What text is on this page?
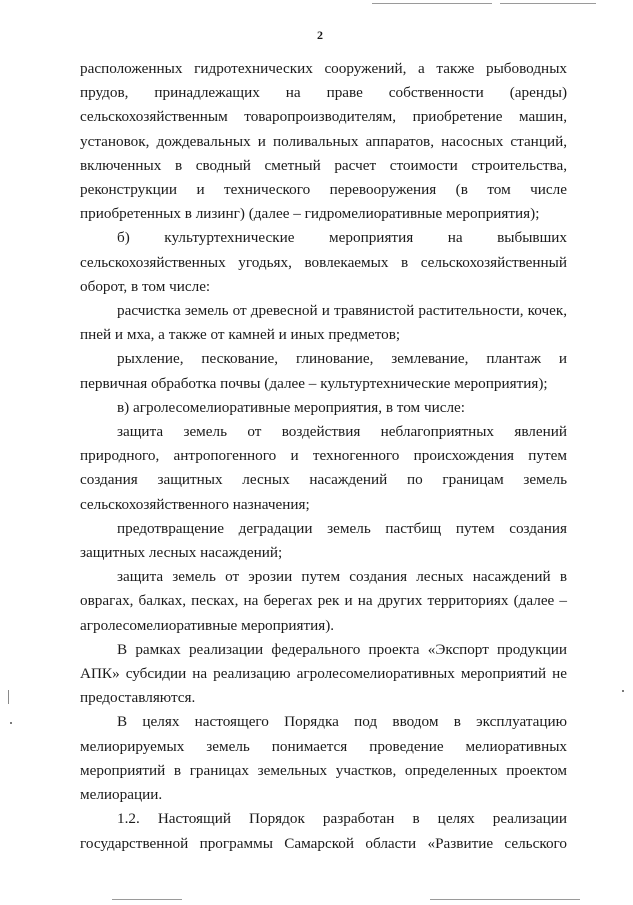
2

расположенных гидротехнических сооружений, а также рыбоводных прудов, принадлежащих на праве собственности (аренды) сельскохозяйственным товаропроизводителям, приобретение машин, установок, дождевальных и поливальных аппаратов, насосных станций, включенных в сводный сметный расчет стоимости строительства, реконструкции и технического перевооружения (в том числе приобретенных в лизинг) (далее – гидромелиоративные мероприятия);

б) культуртехнические мероприятия на выбывших сельскохозяйственных угодьях, вовлекаемых в сельскохозяйственный оборот, в том числе:

расчистка земель от древесной и травянистой растительности, кочек, пней и мха, а также от камней и иных предметов;

рыхление, пескование, глинование, землевание, плантаж и первичная обработка почвы (далее – культуртехнические мероприятия);

в) агролесомелиоративные мероприятия, в том числе:

защита земель от воздействия неблагоприятных явлений природного, антропогенного и техногенного происхождения путем создания защитных лесных насаждений по границам земель сельскохозяйственного назначения;

предотвращение деградации земель пастбищ путем создания защитных лесных насаждений;

защита земель от эрозии путем создания лесных насаждений в оврагах, балках, песках, на берегах рек и на других территориях (далее – агролесомелиоративные мероприятия).

В рамках реализации федерального проекта «Экспорт продукции АПК» субсидии на реализацию агролесомелиоративных мероприятий не предоставляются.

В целях настоящего Порядка под вводом в эксплуатацию мелиорируемых земель понимается проведение мелиоративных мероприятий в границах земельных участков, определенных проектом мелиорации.

1.2. Настоящий Порядок разработан в целях реализации государственной программы Самарской области «Развитие сельского
